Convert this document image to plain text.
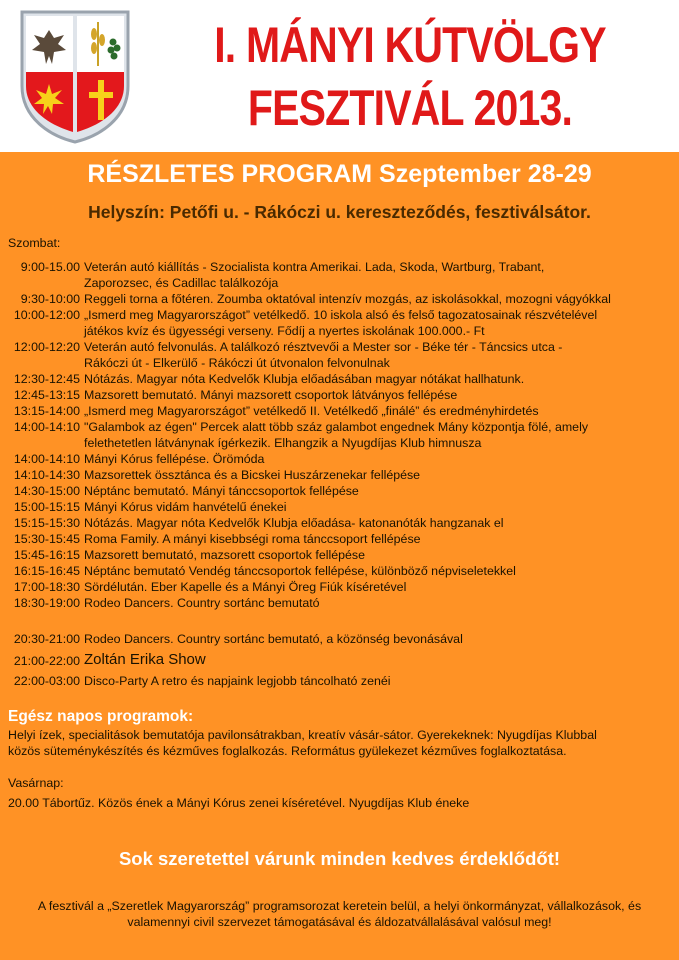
I. MÁNYI KÚTVÖLGY
FESZTIVÁL 2013.
RÉSZLETES PROGRAM Szeptember 28-29
Helyszín: Petőfi u. - Rákóczi u. kereszteződés, fesztiválsátor.
Szombat:
9:00-15.00 Veterán autó kiállítás - Szocialista kontra Amerikai. Lada, Skoda, Wartburg, Trabant,
Zaporozsec, és Cadillac találkozója
9:30-10:00 Reggeli torna a főtéren. Zoumba oktatóval intenzív mozgás, az iskolásokkal, mozogni vágyókkal
10:00-12:00 „Ismerd meg Magyarországot” vetélkedő. 10 iskola alsó és felső tagozatosainak részvételével
játékos kvíz és ügyességi verseny. Fődíj a nyertes iskolának 100.000.- Ft
12:00-12:20 Veterán autó felvonulás. A találkozó résztvevői a Mester sor - Béke tér - Táncsics utca -
Rákóczi út - Elkerülő - Rákóczi út útvonalon felvonulnak
12:30-12:45 Nótázás. Magyar nóta Kedvelők Klubja előadásában magyar nótákat hallhatunk.
12:45-13:15 Mazsorett bemutató. Mányi mazsorett csoportok látványos fellépése
13:15-14:00 „Ismerd meg Magyarországot” vetélkedő II. Vetélkedő „finálé” és eredményhirdetés
14:00-14:10 "Galambok az égen" Percek alatt több száz galambot engednek Mány központja fölé, amely
felethetetlen látványnak ígérkezik. Elhangzik a Nyugdíjas Klub himnusza
14:00-14:10 Mányi Kórus fellépése. Örömóda
14:10-14:30 Mazsorettek össztánca és a Bicskei Huszárzenekar fellépése
14:30-15:00 Néptánc bemutató. Mányi tánccsoportok fellépése
15:00-15:15 Mányi Kórus vidám hanvételű énekei
15:15-15:30 Nótázás. Magyar nóta Kedvelők Klubja előadása- katonanóták hangzanak el
15:30-15:45 Roma Family. A mányi kisebbségi roma tánccsoport fellépése
15:45-16:15 Mazsorett bemutató, mazsorett csoportok fellépése
16:15-16:45 Néptánc bemutató Vendég tánccsoportok fellépése, különböző népviseletekkel
17:00-18:30 Sördélután. Eber Kapelle és a Mányi Öreg Fiúk kíséretével
18:30-19:00 Rodeo Dancers. Country sortánc bemutató
20:30-21:00 Rodeo Dancers. Country sortánc bemutató, a közönség bevonásával
21:00-22:00 Zoltán Erika Show
22:00-03:00 Disco-Party A retro és napjaink legjobb táncolható zenéi
Egész napos programok:
Helyi ízek, specialitások bemutatója pavilonsátrakban, kreatív vásár-sátor. Gyerekeknek: Nyugdíjas Klubbal
közös süteménykészítés és kézműves foglalkozás. Református gyülekezet kézműves foglalkoztatása.
Vasárnap:
20.00 Tábortűz. Közös ének a Mányi Kórus zenei kíséretével. Nyugdíjas Klub éneke
Sok szeretettel várunk minden kedves érdeklődőt!
A fesztivál a „Szeretlek Magyarország” programsorozat keretein belül, a helyi önkormányzat, vállalkozások, és
valamennyi civil szervezet támogatásával és áldozatvállalásával valósul meg!
